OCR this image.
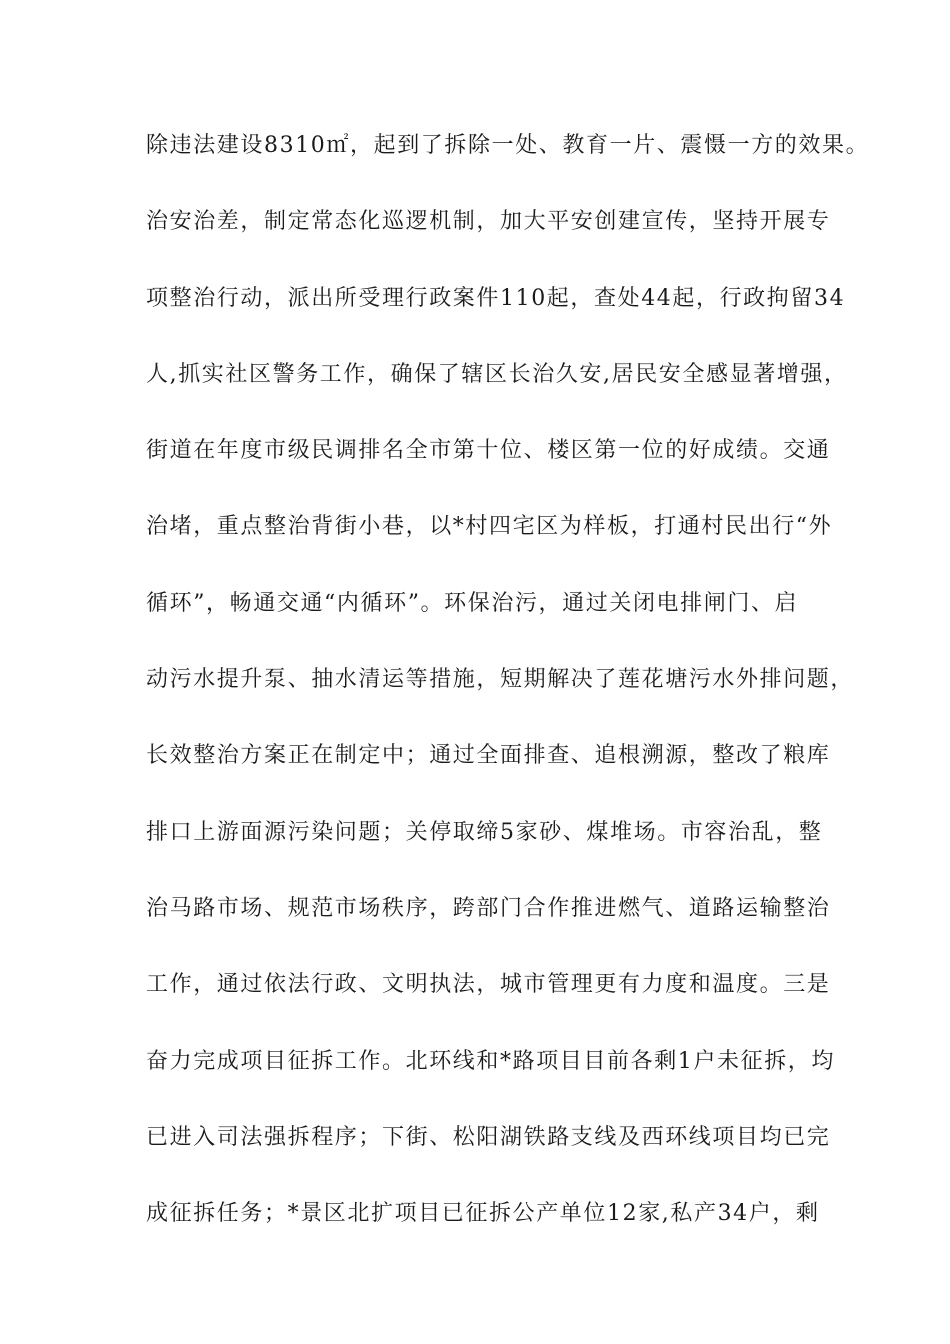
除违法建设8310㎡，起到了拆除一处、教育一片、震慑一方的效果。
治安治差，制定常态化巡逻机制，加大平安创建宣传，坚持开展专
项整治行动，派出所受理行政案件110起，查处44起，行政拘留34
人,抓实社区警务工作，确保了辖区长治久安,居民安全感显著增强，
街道在年度市级民调排名全市第十位、楼区第一位的好成绩。交通
治堵，重点整治背街小巷，以*村四宅区为样板，打通村民出行“外
循环”，畅通交通“内循环”。环保治污，通过关闭电排闸门、启
动污水提升泵、抽水清运等措施，短期解决了莲花塘污水外排问题，
长效整治方案正在制定中；通过全面排查、追根溯源，整改了粮库
排口上游面源污染问题；关停取缔5家砂、煤堆场。市容治乱，整
治马路市场、规范市场秩序，跨部门合作推进燃气、道路运输整治
工作，通过依法行政、文明执法，城市管理更有力度和温度。三是
奋力完成项目征拆工作。北环线和*路项目目前各剩1户未征拆，均
已进入司法强拆程序；下街、松阳湖铁路支线及西环线项目均已完
成征拆任务；*景区北扩项目已征拆公产单位12家,私产34户，剩
